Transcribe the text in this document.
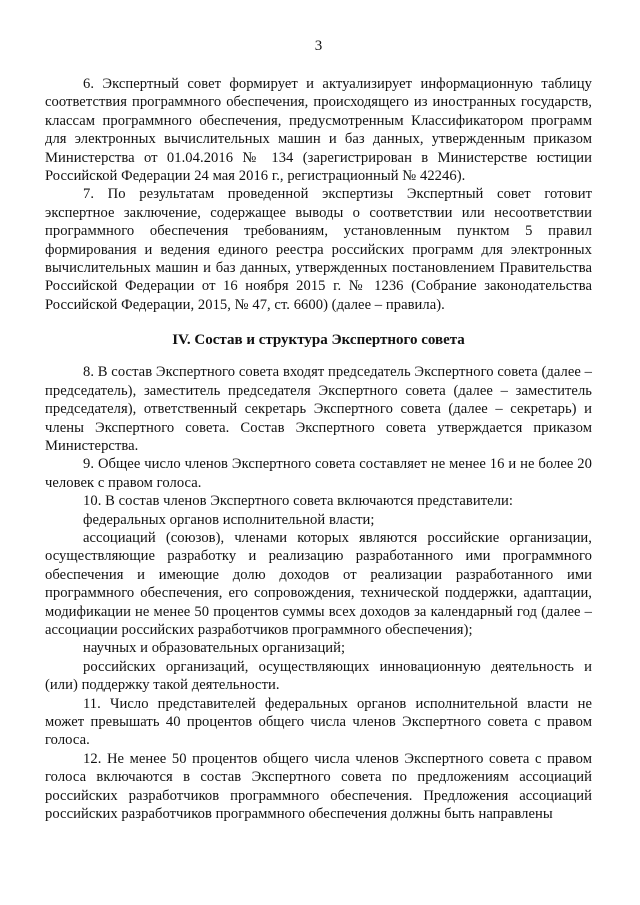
3

6. Экспертный совет формирует и актуализирует информационную таблицу соответствия программного обеспечения, происходящего из иностранных государств, классам программного обеспечения, предусмотренным Классификатором программ для электронных вычислительных машин и баз данных, утвержденным приказом Министерства от 01.04.2016 № 134 (зарегистрирован в Министерстве юстиции Российской Федерации 24 мая 2016 г., регистрационный № 42246).

7. По результатам проведенной экспертизы Экспертный совет готовит экспертное заключение, содержащее выводы о соответствии или несоответствии программного обеспечения требованиям, установленным пунктом 5 правил формирования и ведения единого реестра российских программ для электронных вычислительных машин и баз данных, утвержденных постановлением Правительства Российской Федерации от 16 ноября 2015 г. № 1236 (Собрание законодательства Российской Федерации, 2015, № 47, ст. 6600) (далее – правила).

IV. Состав и структура Экспертного совета

8. В состав Экспертного совета входят председатель Экспертного совета (далее – председатель), заместитель председателя Экспертного совета (далее – заместитель председателя), ответственный секретарь Экспертного совета (далее – секретарь) и члены Экспертного совета. Состав Экспертного совета утверждается приказом Министерства.

9. Общее число членов Экспертного совета составляет не менее 16 и не более 20 человек с правом голоса.

10. В состав членов Экспертного совета включаются представители:

федеральных органов исполнительной власти;

ассоциаций (союзов), членами которых являются российские организации, осуществляющие разработку и реализацию разработанного ими программного обеспечения и имеющие долю доходов от реализации разработанного ими программного обеспечения, его сопровождения, технической поддержки, адаптации, модификации не менее 50 процентов суммы всех доходов за календарный год (далее – ассоциации российских разработчиков программного обеспечения);

научных и образовательных организаций;

российских организаций, осуществляющих инновационную деятельность и (или) поддержку такой деятельности.

11. Число представителей федеральных органов исполнительной власти не может превышать 40 процентов общего числа членов Экспертного совета с правом голоса.

12. Не менее 50 процентов общего числа членов Экспертного совета с правом голоса включаются в состав Экспертного совета по предложениям ассоциаций российских разработчиков программного обеспечения. Предложения ассоциаций российских разработчиков программного обеспечения должны быть направлены
